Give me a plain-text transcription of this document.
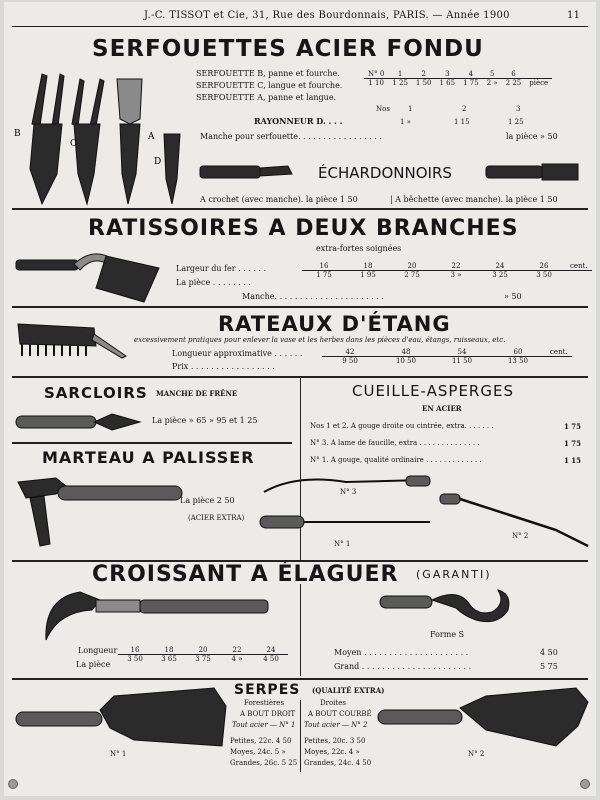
J.-C. TISSOT et Cie, 31, Rue des Bourdonnais, PARIS. — Année 1900	11
SERFOUETTES ACIER FONDU
B
C
A
D
SERFOUETTE B, panne et fourche.
SERFOUETTE C, langue et fourche.
SERFOUETTE A, panne et langue.
N° 0	1	2	3	4	5	6	
1 10	1 25	1 50	1 65	1 75	2 »	2 25	pièce
Nos	1	2	3
RAYONNEUR D. . . .	1 »	1 15	1 25
Manche pour serfouette. . . . . . . . . . . . . . . . .	la pièce » 50
ÉCHARDONNOIRS
A crochet (avec manche). la pièce 1 50	| A bêchette (avec manche). la pièce 1 50
RATISSOIRES A DEUX BRANCHES
extra-fortes soignées
Largeur du fer . . . . . .
La pièce . . . . . . . .
16	18	20	22	24	26	cent.
1 75	1 95	2 75	3 »	3 25	3 50	
Manche. . . . . . . . . . . . . . . . . . . . . .	» 50
RATEAUX D'ÉTANG
excessivement pratiques pour enlever la vase et les herbes dans les pièces d'eau, étangs, ruisseaux, etc.
Longueur approximative . . . . . .
Prix . . . . . . . . . . . . . . . . .
42	48	54	60	cent.
9 50	10 50	11 50	13 50	
SARCLOIRS MANCHE DE FRÊNE
La pièce » 65 » 95 et 1 25
CUEILLE-ASPERGES
EN ACIER
Nos 1 et 2. A gouge droite ou cintrée, extra. . . . . . .	1 75
N° 3. A lame de faucille, extra . . . . . . . . . . . . . .	1 75
N° 1. A gouge, qualité ordinaire . . . . . . . . . . . . .	1 15
MARTEAU A PALISSER
La pièce 2 50
(ACIER EXTRA)
N° 3
N° 1
N° 2
CROISSANT A ÉLAGUER (GARANTI)
Longueur
La pièce
16	18	20	22	24
3 50	3 65	3 75	4 »	4 50
Forme S
Moyen . . . . . . . . . . . . . . . . . . . . .	4 50
Grand . . . . . . . . . . . . . . . . . . . . . .	5 75
SERPES (QUALITÉ EXTRA)
Forestières
A BOUT DROIT
Tout acier — N° 1
Droites
A BOUT COURBÉ
Tout acier — N° 2
Petites, 22c. 4 50
Moyes, 24c. 5 »
Grandes, 26c. 5 25
Petites, 20c. 3 50
Moyes, 22c. 4 »
Grandes, 24c. 4 50
N° 1	N° 2
